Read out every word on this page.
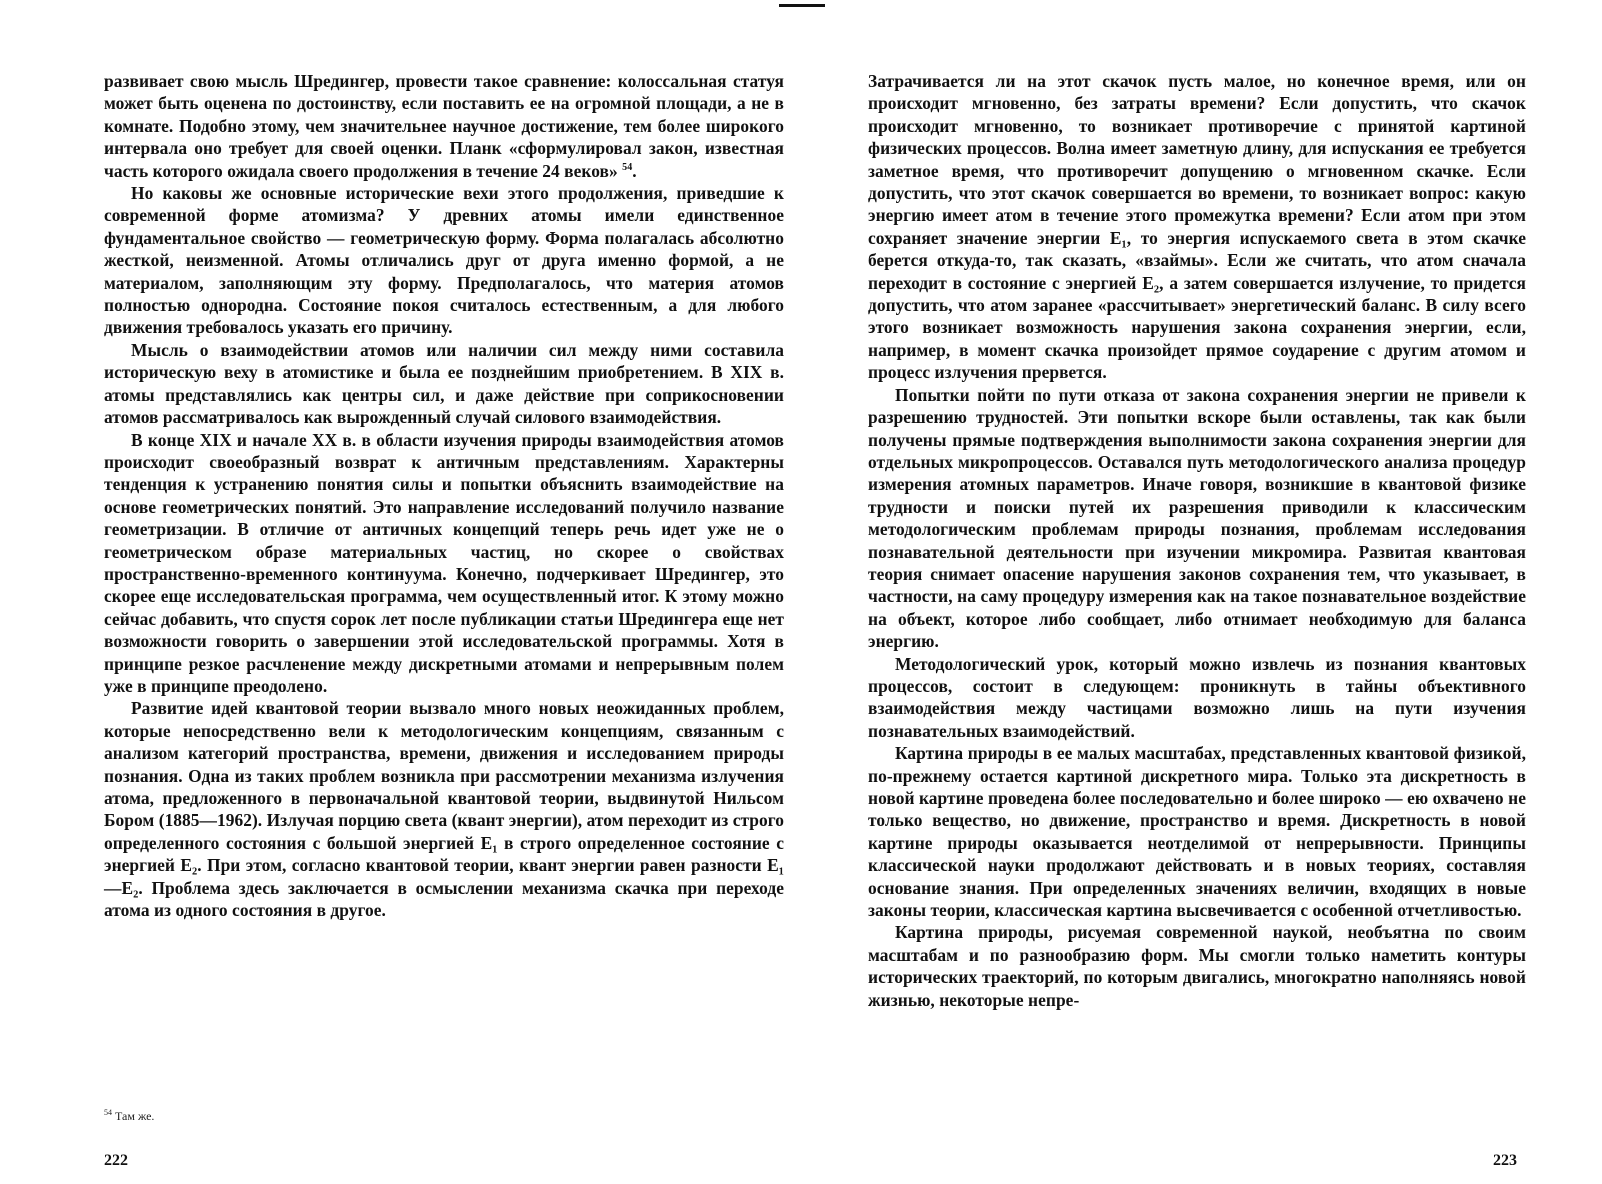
развивает свою мысль Шредингер, провести такое сравнение: колоссальная статуя может быть оценена по достоинству, если поставить ее на огромной площади, а не в комнате. Подобно этому, чем значительнее научное достижение, тем более широкого интервала оно требует для своей оценки. Планк «сформулировал закон, известная часть которого ожидала своего продолжения в течение 24 веков» $^{54}$.

Но каковы же основные исторические вехи этого продолжения, приведшие к современной форме атомизма? У древних атомы имели единственное фундаментальное свойство — геометрическую форму. Форма полагалась абсолютно жесткой, неизменной. Атомы отличались друг от друга именно формой, а не материалом, заполняющим эту форму. Предполагалось, что материя атомов полностью однородна. Состояние покоя считалось естественным, а для любого движения требовалось указать его причину.

Мысль о взаимодействии атомов или наличии сил между ними составила историческую веху в атомистике и была ее позднейшим приобретением. В XIX в. атомы представлялись как центры сил, и даже действие при соприкосновении атомов рассматривалось как вырожденный случай силового взаимодействия.

В конце XIX и начале XX в. в области изучения природы взаимодействия атомов происходит своеобразный возврат к античным представлениям. Характерны тенденция к устранению понятия силы и попытки объяснить взаимодействие на основе геометрических понятий. Это направление исследований получило название геометризации. В отличие от античных концепций теперь речь идет уже не о геометрическом образе материальных частиц, но скорее о свойствах пространственно-временного континуума. Конечно, подчеркивает Шредингер, это скорее еще исследовательская программа, чем осуществленный итог. К этому можно сейчас добавить, что спустя сорок лет после публикации статьи Шредингера еще нет возможности говорить о завершении этой исследовательской программы. Хотя в принципе резкое расчленение между дискретными атомами и непрерывным полем уже в принципе преодолено.

Развитие идей квантовой теории вызвало много новых неожиданных проблем, которые непосредственно вели к методологическим концепциям, связанным с анализом категорий пространства, времени, движения и исследованием природы познания. Одна из таких проблем возникла при рассмотрении механизма излучения атома, предложенного в первоначальной квантовой теории, выдвинутой Нильсом Бором (1885—1962). Излучая порцию света (квант энергии), атом переходит из строго определенного состояния с большой энергией E₁ в строго определенное состояние с энергией E₂. При этом, согласно квантовой теории, квант энергии равен разности E₁—E₂. Проблема здесь заключается в осмыслении механизма скачка при переходе атома из одного состояния в другое.

$^{54}$ Там же.
222

Затрачивается ли на этот скачок пусть малое, но конечное время, или он происходит мгновенно, без затраты времени? Если допустить, что скачок происходит мгновенно, то возникает противоречие с принятой картиной физических процессов. Волна имеет заметную длину, для испускания ее требуется заметное время, что противоречит допущению о мгновенном скачке. Если допустить, что этот скачок совершается во времени, то возникает вопрос: какую энергию имеет атом в течение этого промежутка времени? Если атом при этом сохраняет значение энергии E₁, то энергия испускаемого света в этом скачке берется откуда-то, так сказать, «взаймы». Если же считать, что атом сначала переходит в состояние с энергией E₂, а затем совершается излучение, то придется допустить, что атом заранее «рассчитывает» энергетический баланс. В силу всего этого возникает возможность нарушения закона сохранения энергии, если, например, в момент скачка произойдет прямое соударение с другим атомом и процесс излучения прервется.

Попытки пойти по пути отказа от закона сохранения энергии не привели к разрешению трудностей. Эти попытки вскоре были оставлены, так как были получены прямые подтверждения выполнимости закона сохранения энергии для отдельных микропроцессов. Оставался путь методологического анализа процедур измерения атомных параметров. Иначе говоря, возникшие в квантовой физике трудности и поиски путей их разрешения приводили к классическим методологическим проблемам природы познания, проблемам исследования познавательной деятельности при изучении микромира. Развитая квантовая теория снимает опасение нарушения законов сохранения тем, что указывает, в частности, на саму процедуру измерения как на такое познавательное воздействие на объект, которое либо сообщает, либо отнимает необходимую для баланса энергию.

Методологический урок, который можно извлечь из познания квантовых процессов, состоит в следующем: проникнуть в тайны объективного взаимодействия между частицами возможно лишь на пути изучения познавательных взаимодействий.

Картина природы в ее малых масштабах, представленных квантовой физикой, по-прежнему остается картиной дискретного мира. Только эта дискретность в новой картине проведена более последовательно и более широко — ею охвачено не только вещество, но движение, пространство и время. Дискретность в новой картине природы оказывается неотделимой от непрерывности. Принципы классической науки продолжают действовать и в новых теориях, составляя основание знания. При определенных значениях величин, входящих в новые законы теории, классическая картина высвечивается с особенной отчетливостью.

Картина природы, рисуемая современной наукой, необъятна по своим масштабам и по разнообразию форм. Мы смогли только наметить контуры исторических траекторий, по которым двигались, многократно наполняясь новой жизнью, некоторые непре-

223
